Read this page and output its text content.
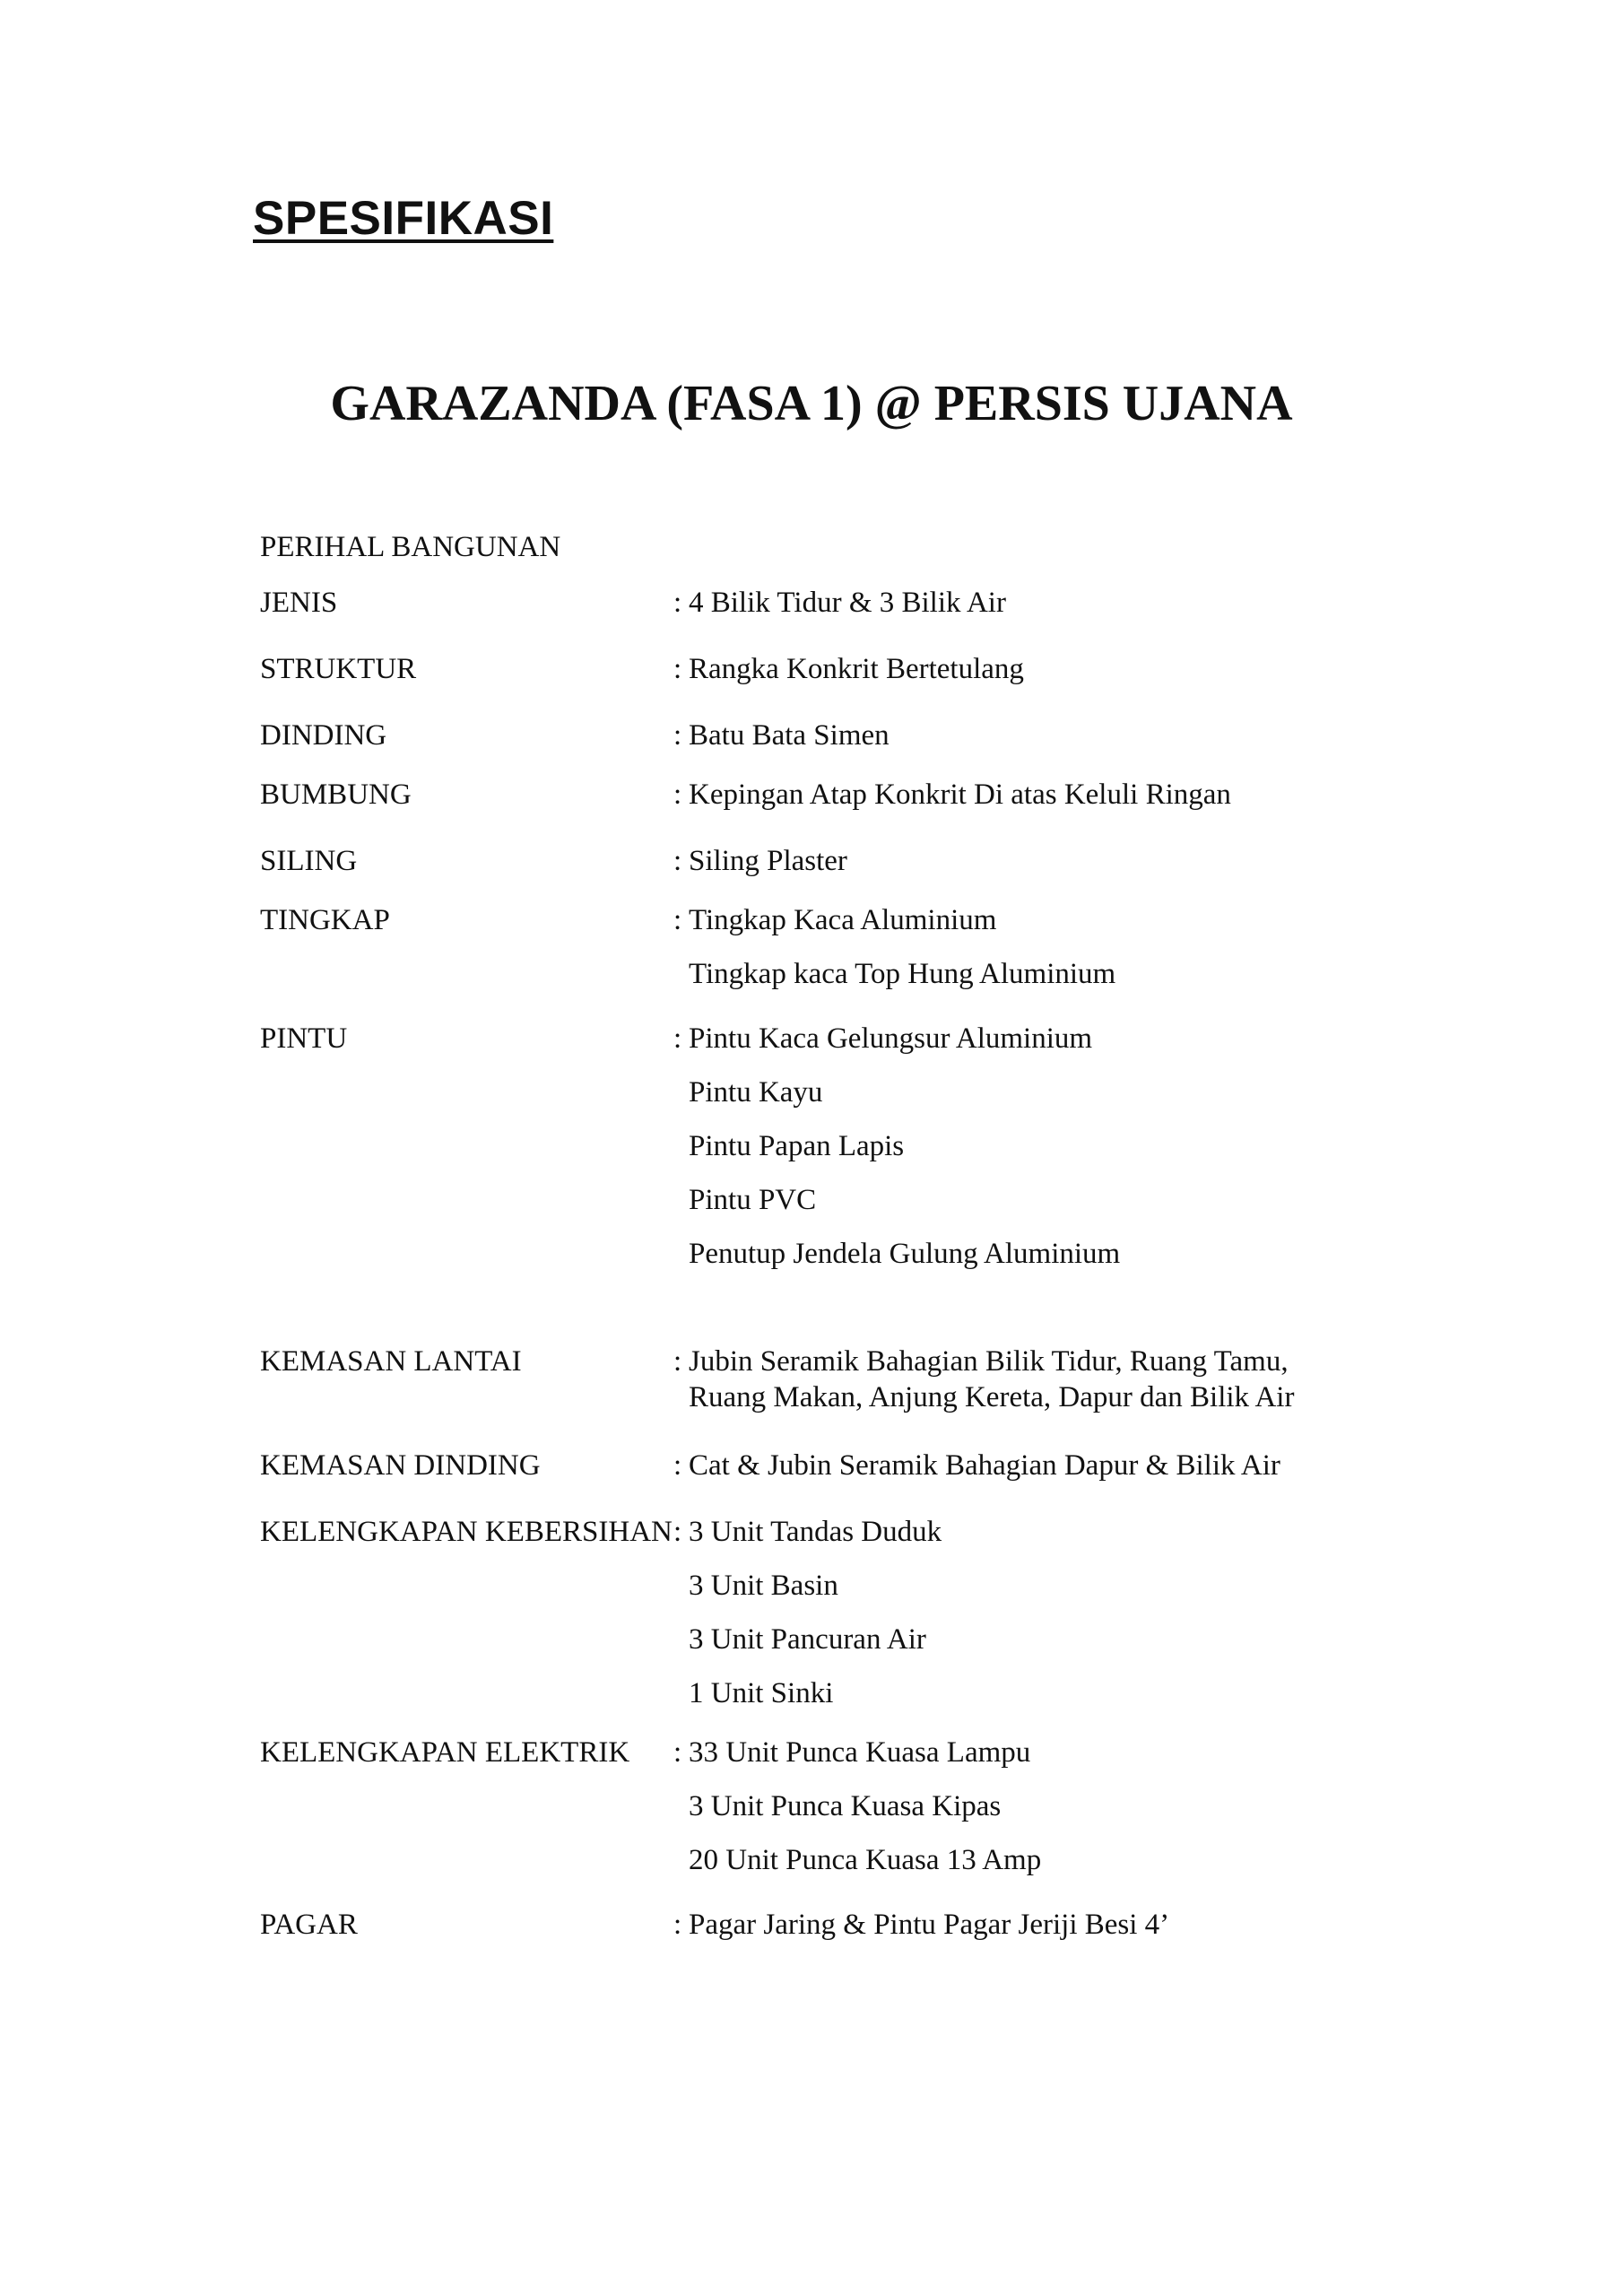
SPESIFIKASI
GARAZANDA (FASA 1) @ PERSIS UJANA
PERIHAL BANGUNAN
JENIS	: 4 Bilik Tidur & 3 Bilik Air
STRUKTUR	: Rangka Konkrit Bertetulang
DINDING	: Batu Bata Simen
BUMBUNG	: Kepingan Atap Konkrit Di atas Keluli Ringan
SILING	: Siling Plaster
TINGKAP	: Tingkap Kaca Aluminium
Tingkap kaca Top Hung Aluminium
PINTU	: Pintu Kaca Gelungsur Aluminium
Pintu Kayu
Pintu Papan Lapis
Pintu PVC
Penutup Jendela Gulung Aluminium
KEMASAN LANTAI	: Jubin Seramik Bahagian Bilik Tidur, Ruang Tamu,
Ruang Makan, Anjung Kereta, Dapur dan Bilik Air
KEMASAN DINDING	: Cat & Jubin Seramik Bahagian Dapur & Bilik Air
KELENGKAPAN KEBERSIHAN : 3 Unit Tandas Duduk
3 Unit Basin
3 Unit Pancuran Air
1 Unit Sinki
KELENGKAPAN ELEKTRIK : 33 Unit Punca Kuasa Lampu
3 Unit Punca Kuasa Kipas
20 Unit Punca Kuasa 13 Amp
PAGAR	: Pagar Jaring & Pintu Pagar Jeriji Besi 4’
